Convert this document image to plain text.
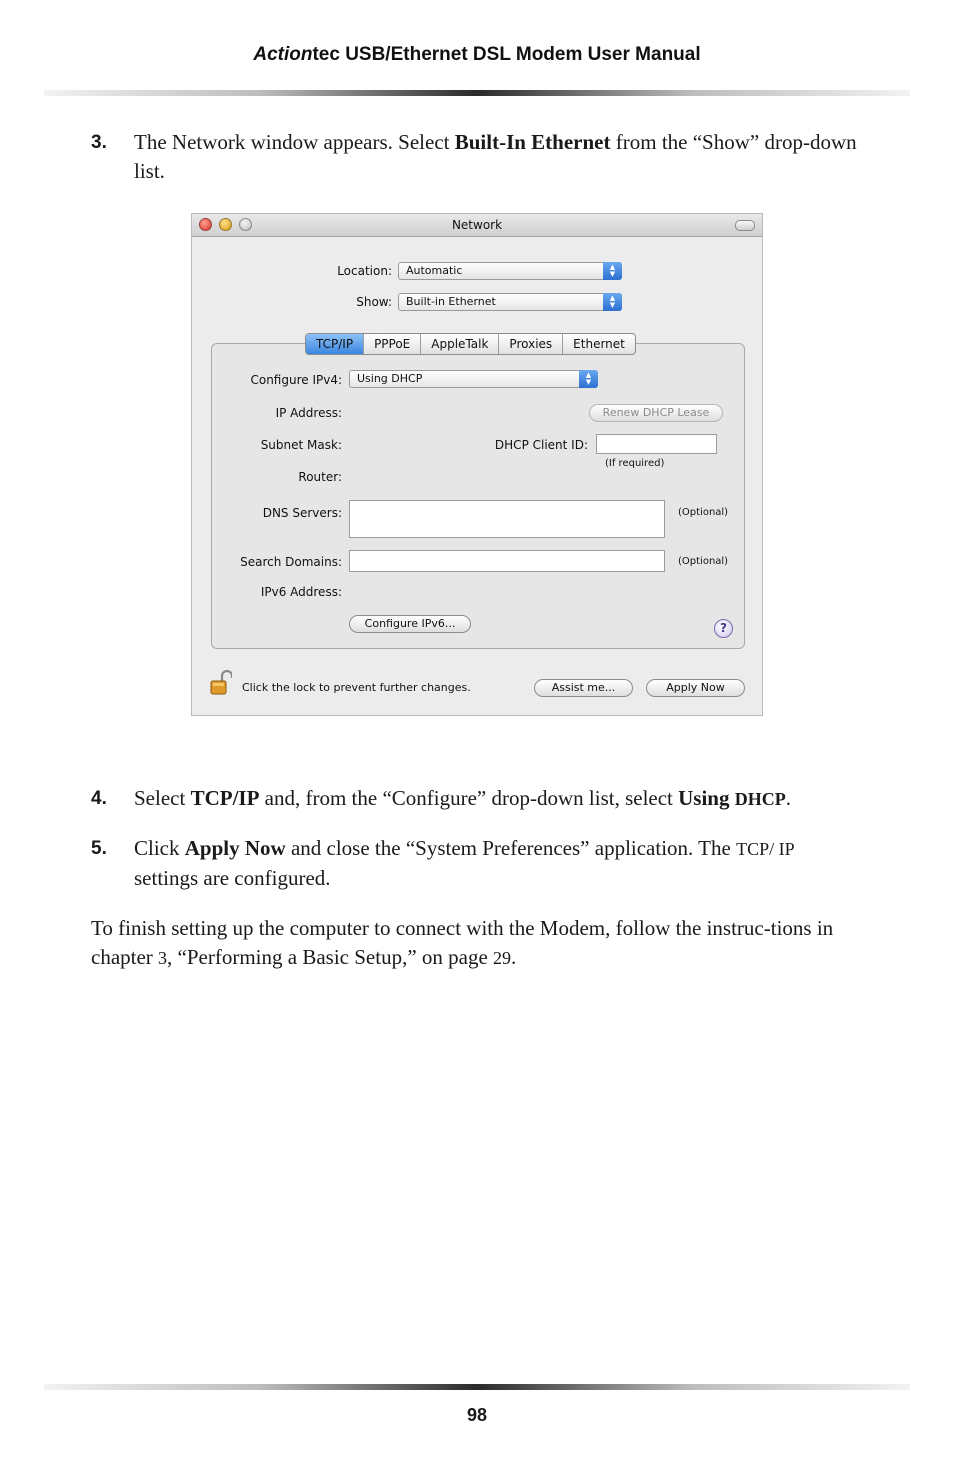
Actiontec USB/Ethernet DSL Modem User Manual
3. The Network window appears. Select Built-In Ethernet from the “Show” drop-down list.
Network
Location: Automatic	▲
▼
Show: Built-in Ethernet	▲
▼
TCP/IP	PPPoE	AppleTalk	Proxies	Ethernet
Configure IPv4: Using DHCP	▲
▼
IP Address:	Renew DHCP Lease
Subnet Mask:	DHCP Client ID:
(If required)
Router:
DNS Servers:	(Optional)
Search Domains:	(Optional)
IPv6 Address:
Configure IPv6...	?
Click the lock to prevent further changes.	Assist me...	Apply Now
4. Select TCP/IP and, from the “Configure” drop-down list, select Using DHCP.
5. Click Apply Now and close the “System Preferences” application. The TCP/ IP settings are configured.
To finish setting up the computer to connect with the Modem, follow the instruc-tions in chapter 3, “Performing a Basic Setup,” on page 29.
98
